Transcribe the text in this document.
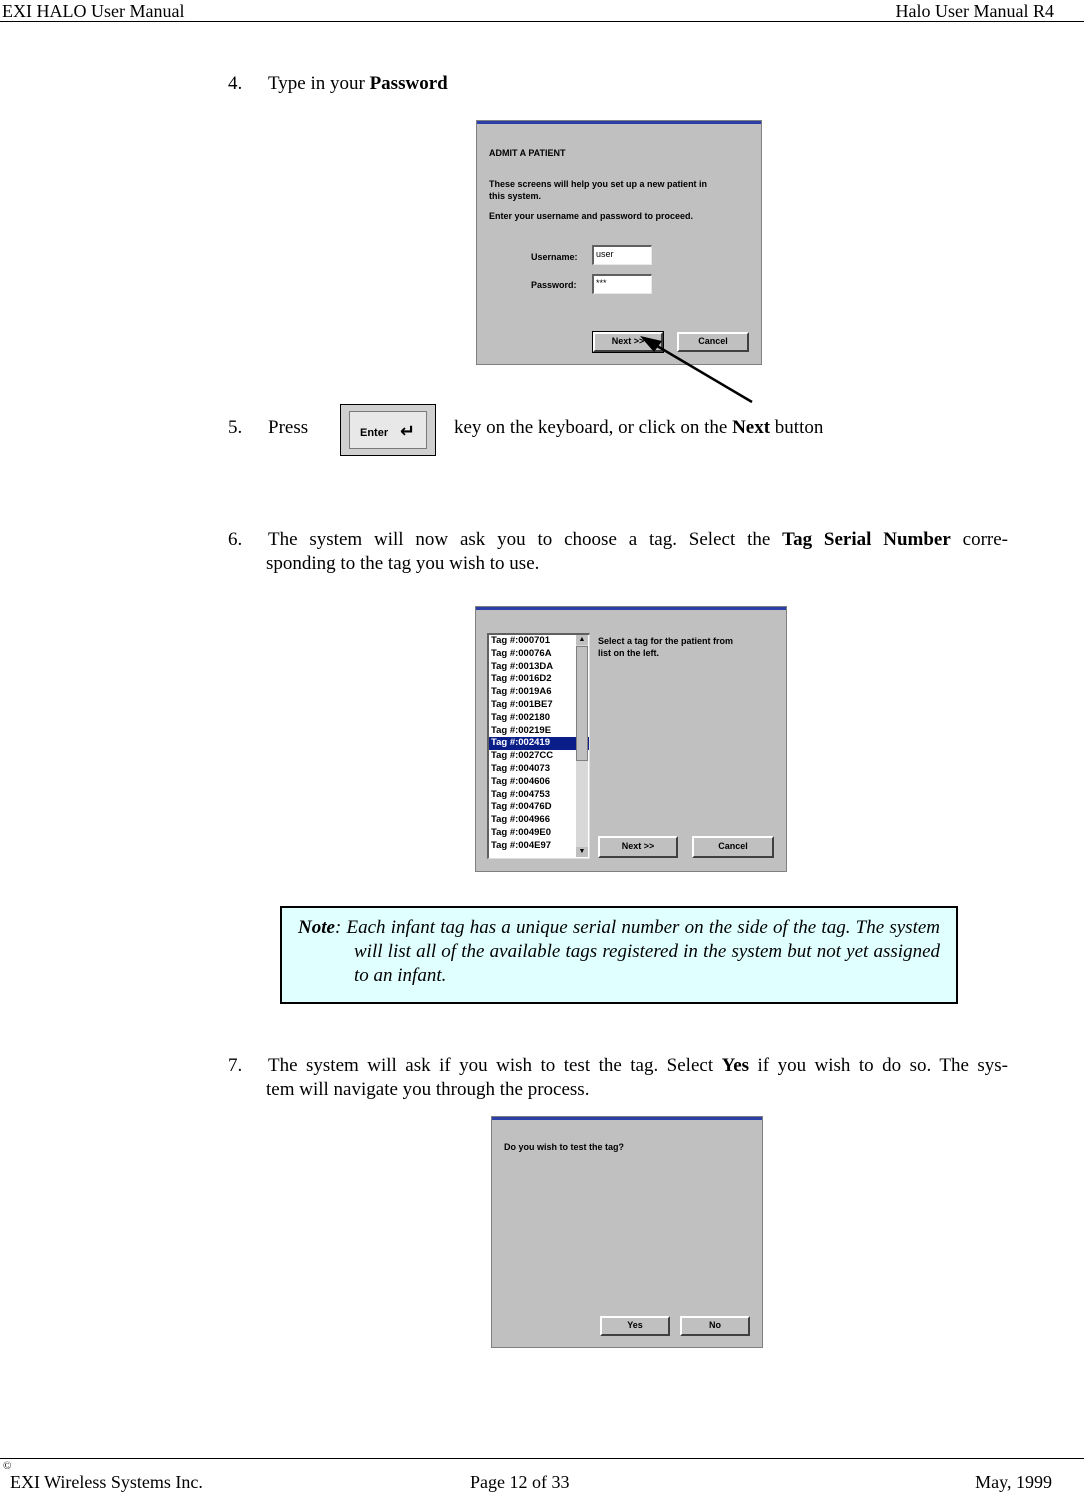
EXI HALO User Manual	Halo User Manual R4
4. Type in your Password
ADMIT A PATIENT
These screens will help you set up a new patient in
this system.
Enter your username and password to proceed.
Username:	user
Password:	***
Next >>	Cancel
5. Press	Enter ↵ key on the keyboard, or click on the Next button
6. The system will now ask you to choose a tag. Select the Tag Serial Number corre-
sponding to the tag you wish to use.
Tag #:000701
Tag #:00076A
Tag #:0013DA
Tag #:0016D2
Tag #:0019A6
Tag #:001BE7
Tag #:002180
Tag #:00219E
Tag #:002419
Tag #:0027CC
Tag #:004073
Tag #:004606
Tag #:004753
Tag #:00476D
Tag #:004966
Tag #:0049E0
Tag #:004E97
▲
▼
Select a tag for the patient from
list on the left.
Next >>	Cancel

Note: Each infant tag has a unique serial number on the side of the tag. The system will list all of the available tags registered in the system but not yet assigned to an infant.

7. The system will ask if you wish to test the tag. Select Yes if you wish to do so. The sys-
tem will navigate you through the process.
Do you wish to test the tag?
Yes	No
©
EXI Wireless Systems Inc.	Page 12 of 33	May, 1999
